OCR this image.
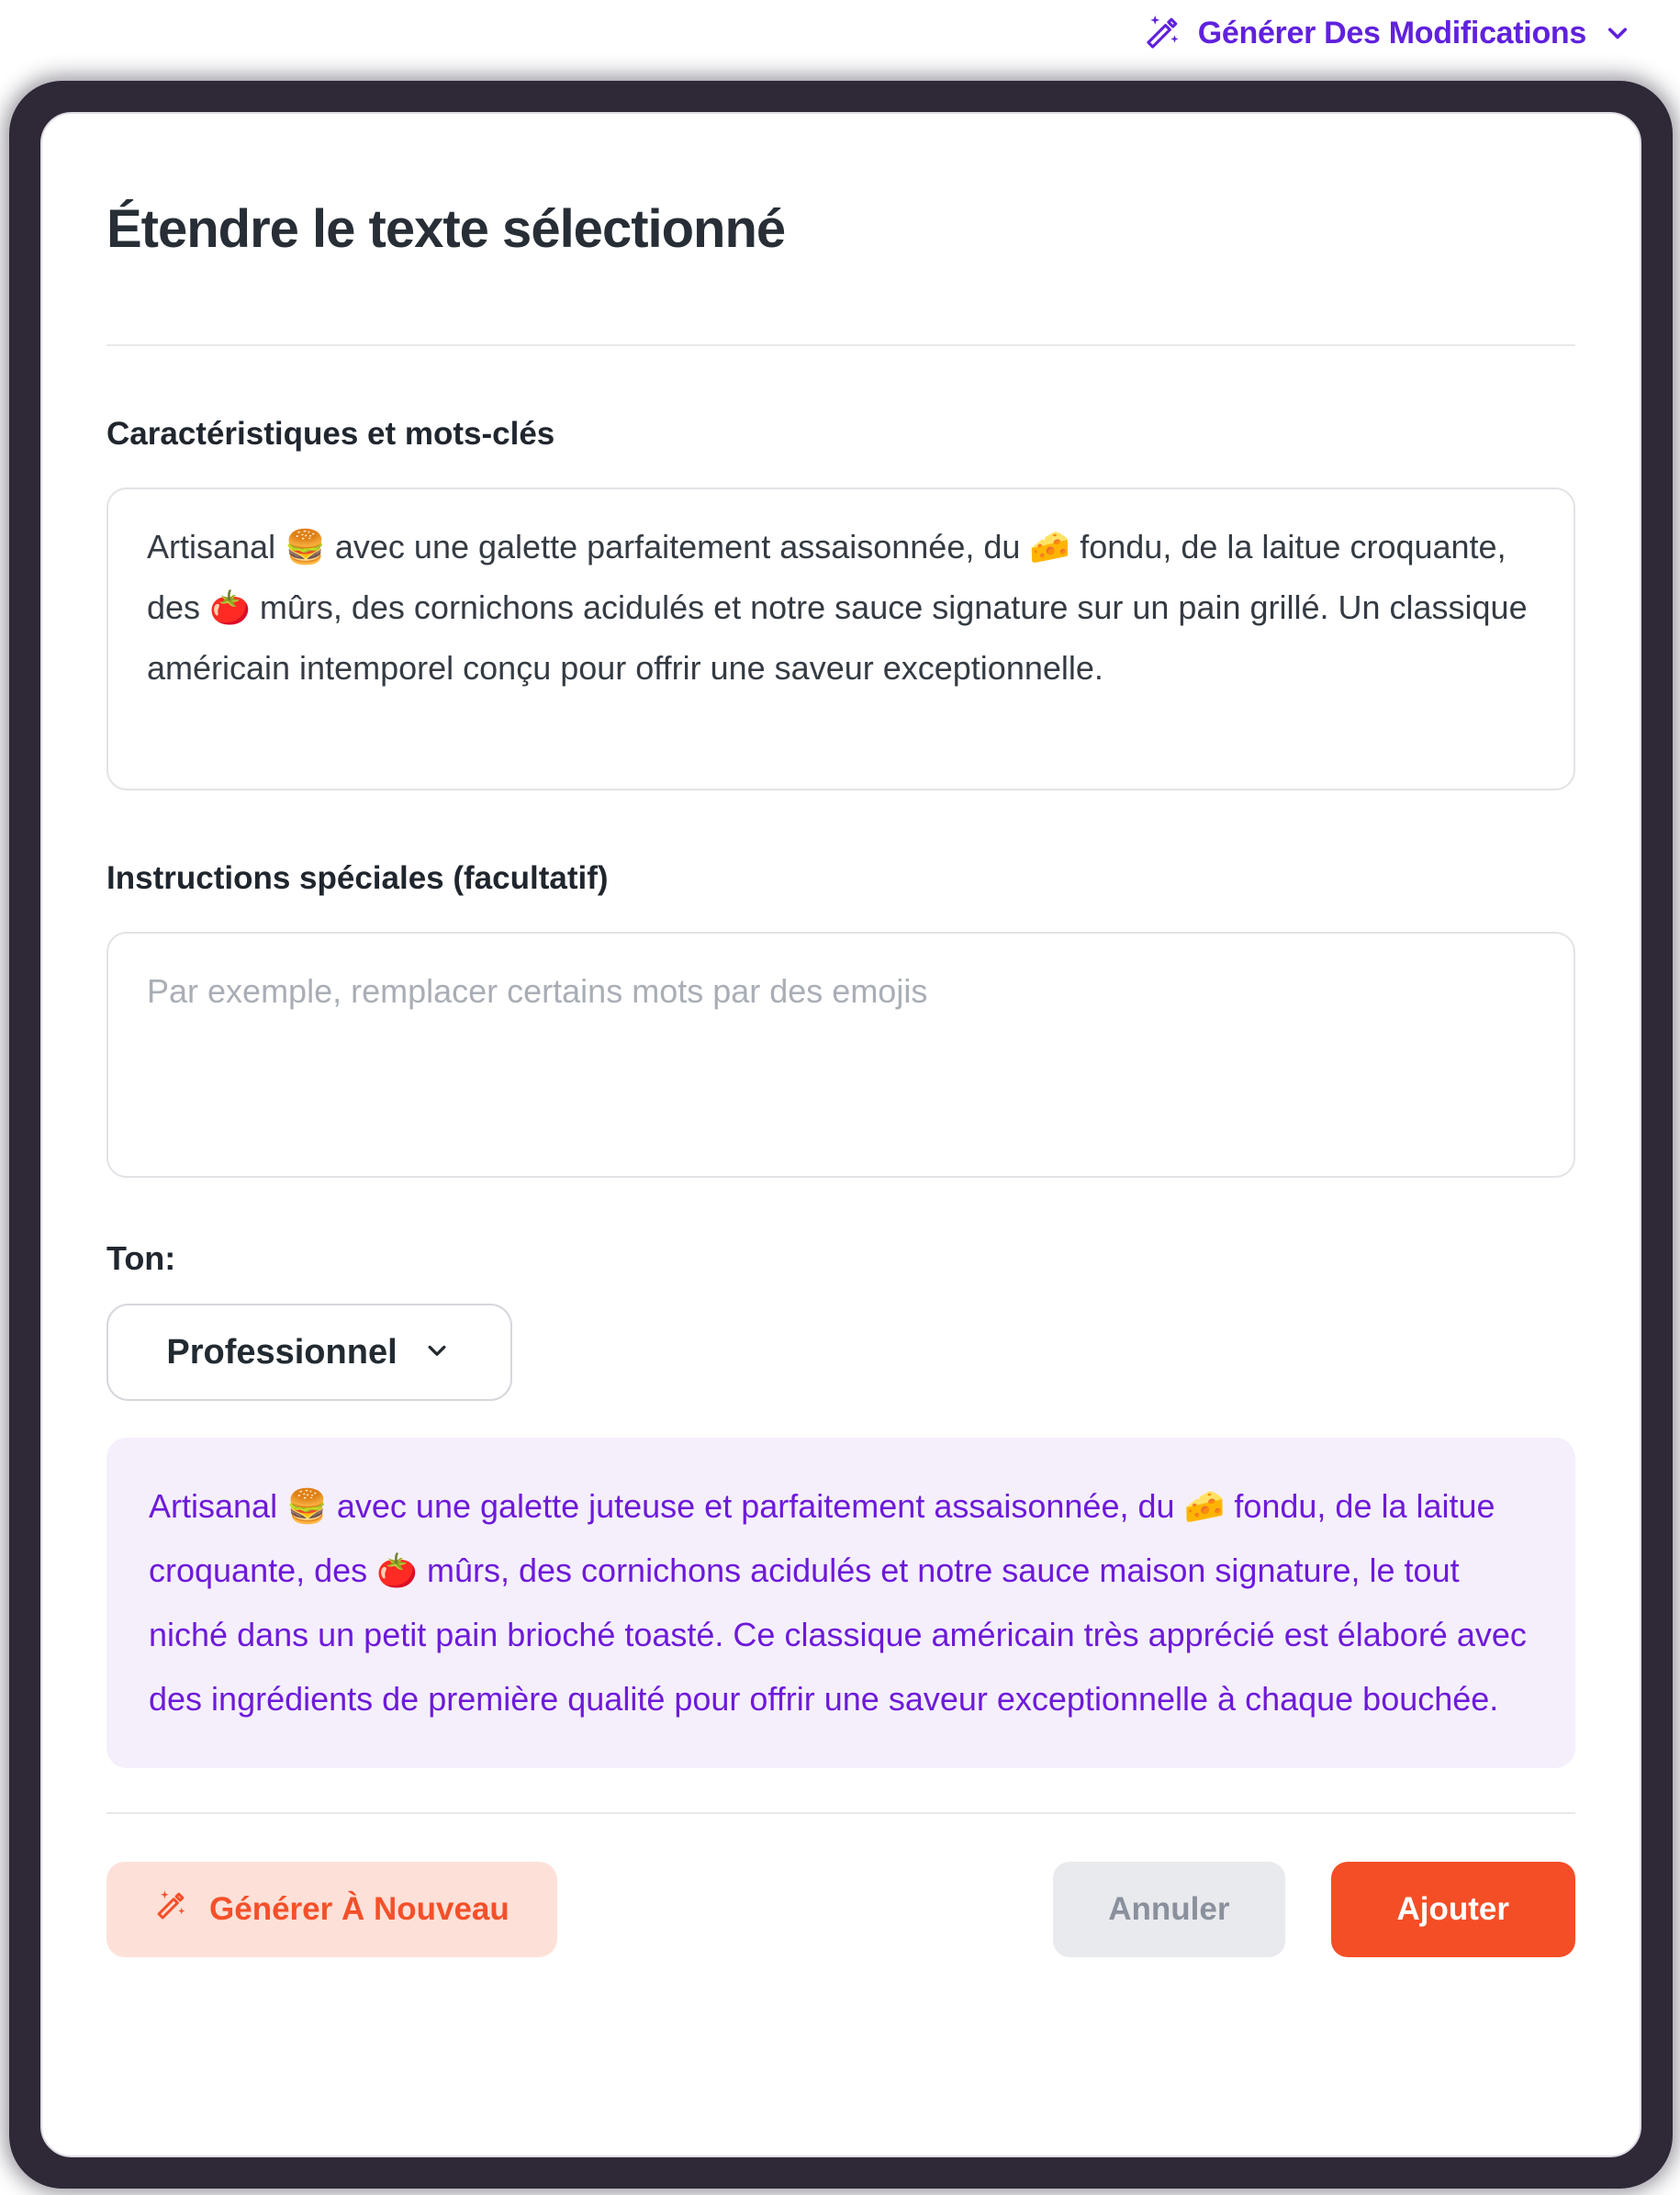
Générer Des Modifications
Étendre le texte sélectionné
Caractéristiques et mots-clés
Artisanal 🍔 avec une galette parfaitement assaisonnée, du 🧀 fondu, de la laitue croquante, des 🍅 mûrs, des cornichons acidulés et notre sauce signature sur un pain grillé. Un classique américain intemporel conçu pour offrir une saveur exceptionnelle.
Instructions spéciales (facultatif)
Par exemple, remplacer certains mots par des emojis
Ton:
Professionnel
Artisanal 🍔 avec une galette juteuse et parfaitement assaisonnée, du 🧀 fondu, de la laitue croquante, des 🍅 mûrs, des cornichons acidulés et notre sauce maison signature, le tout niché dans un petit pain brioché toasté. Ce classique américain très apprécié est élaboré avec des ingrédients de première qualité pour offrir une saveur exceptionnelle à chaque bouchée.
Générer À Nouveau	Annuler	Ajouter
